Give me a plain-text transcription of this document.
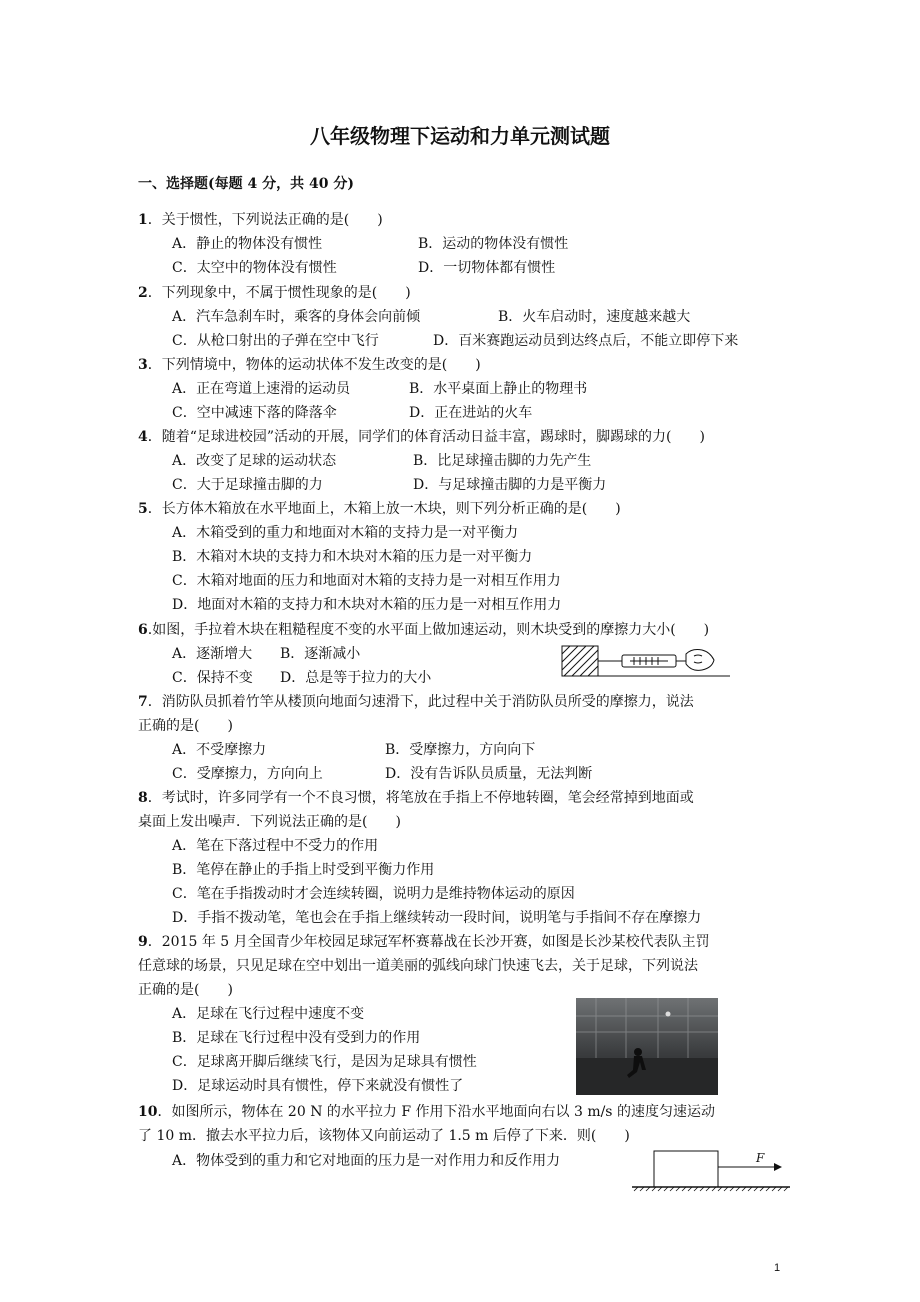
八年级物理下运动和力单元测试题
一、选择题(每题 4 分，共 40 分)
1．关于惯性，下列说法正确的是(　　)
A．静止的物体没有惯性	B．运动的物体没有惯性
C．太空中的物体没有惯性	D．一切物体都有惯性
2．下列现象中，不属于惯性现象的是(　　)
A．汽车急刹车时，乘客的身体会向前倾	B．火车启动时，速度越来越大
C．从枪口射出的子弹在空中飞行	D．百米赛跑运动员到达终点后，不能立即停下来
3．下列情境中，物体的运动状体不发生改变的是(　　)
A．正在弯道上速滑的运动员	B．水平桌面上静止的物理书
C．空中减速下落的降落伞	D．正在进站的火车
4．随着“足球进校园”活动的开展，同学们的体育活动日益丰富，踢球时，脚踢球的力(　　)
A．改变了足球的运动状态	B．比足球撞击脚的力先产生
C．大于足球撞击脚的力	D．与足球撞击脚的力是平衡力
5．长方体木箱放在水平地面上，木箱上放一木块，则下列分析正确的是(　　)
A．木箱受到的重力和地面对木箱的支持力是一对平衡力
B．木箱对木块的支持力和木块对木箱的压力是一对平衡力
C．木箱对地面的压力和地面对木箱的支持力是一对相互作用力
D．地面对木箱的支持力和木块对木箱的压力是一对相互作用力
6.如图，手拉着木块在粗糙程度不变的水平面上做加速运动，则木块受到的摩擦力大小(　　)
A．逐渐增大 B．逐渐减小
C．保持不变 D．总是等于拉力的大小
7．消防队员抓着竹竿从楼顶向地面匀速滑下，此过程中关于消防队员所受的摩擦力，说法
正确的是(　　)
A．不受摩擦力	B．受摩擦力，方向向下
C．受摩擦力，方向向上	D．没有告诉队员质量，无法判断
8．考试时，许多同学有一个不良习惯，将笔放在手指上不停地转圈，笔会经常掉到地面或
桌面上发出噪声．下列说法正确的是(　　)
A．笔在下落过程中不受力的作用
B．笔停在静止的手指上时受到平衡力作用
C．笔在手指拨动时才会连续转圈，说明力是维持物体运动的原因
D．手指不拨动笔，笔也会在手指上继续转动一段时间，说明笔与手指间不存在摩擦力
9．2015 年 5 月全国青少年校园足球冠军杯赛幕战在长沙开赛，如图是长沙某校代表队主罚
任意球的场景，只见足球在空中划出一道美丽的弧线向球门快速飞去，关于足球，下列说法
正确的是(　　)
A．足球在飞行过程中速度不变
B．足球在飞行过程中没有受到力的作用
C．足球离开脚后继续飞行，是因为足球具有惯性
D．足球运动时具有惯性，停下来就没有惯性了
10．如图所示，物体在 20 N 的水平拉力 F 作用下沿水平地面向右以 3 m/s 的速度匀速运动
了 10 m．撤去水平拉力后，该物体又向前运动了 1.5 m 后停了下来．则(　　)
A．物体受到的重力和它对地面的压力是一对作用力和反作用力	F
1
